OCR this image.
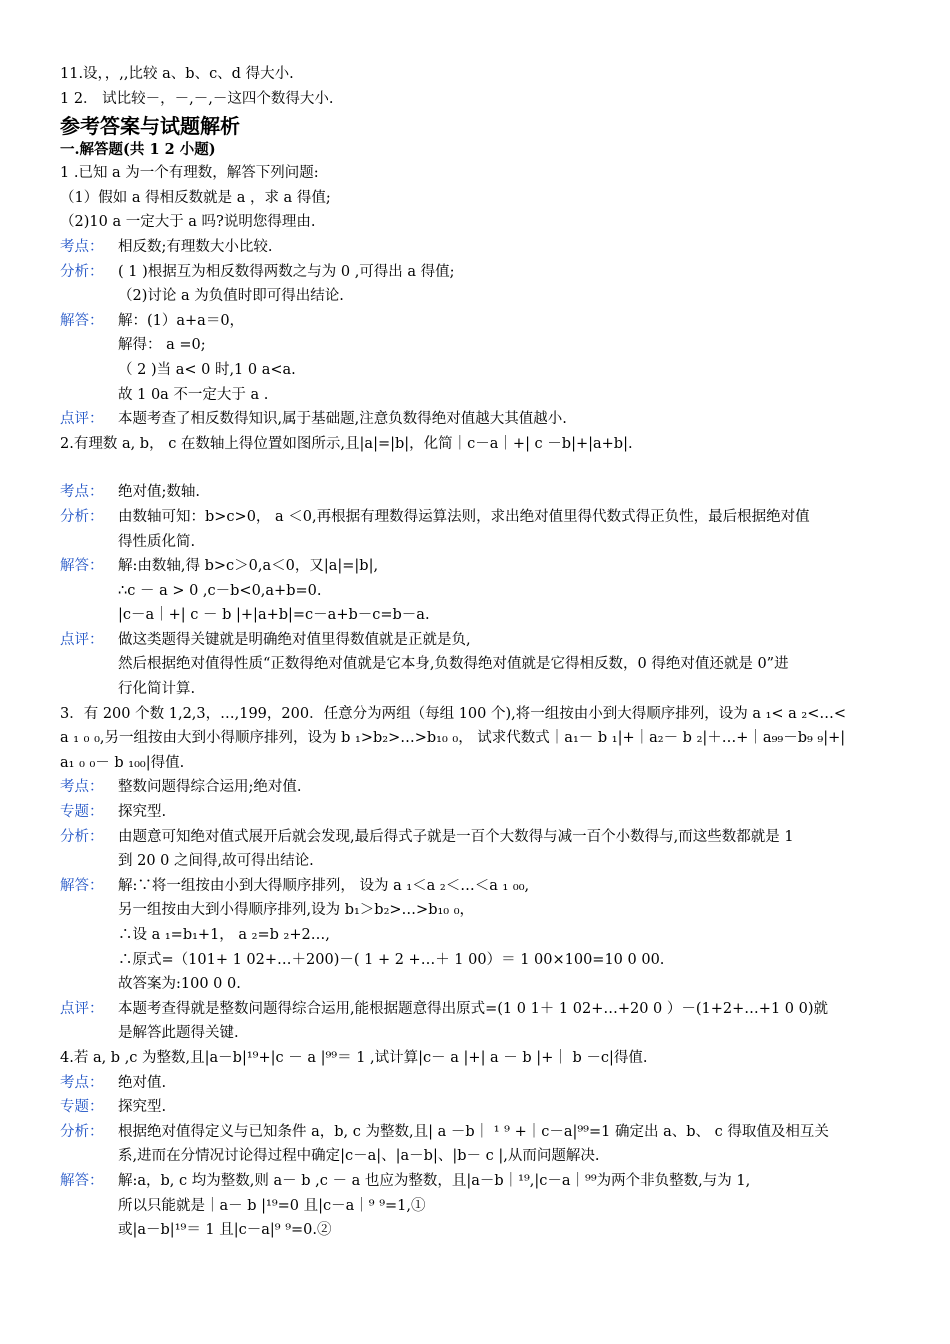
11.设，，,,比较 a、b、c、d 得大小.
1 2． 试比较－，－,－,－这四个数得大小.
参考答案与试题解析
一.解答题(共 1 2 小题)
1 .已知 a 为一个有理数，解答下列问题:
（1）假如 a 得相反数就是 a ，求 a 得值;
（2)10 a 一定大于 a 吗?说明您得理由.
考点：	相反数;有理数大小比较.
分析：	( 1 )根据互为相反数得两数之与为 0 ,可得出 a 得值;
（2)讨论 a 为负值时即可得出结论.
解答：	解：(1）a+a＝0，
解得： a =0;
（ 2 )当 a< 0 时,1 0 a<a.
故 1 0a 不一定大于 a .
点评：	本题考查了相反数得知识,属于基础题,注意负数得绝对值越大其值越小.
2.有理数 a, b， c 在数轴上得位置如图所示,且|a|=|b|，化简｜c－a｜+| c －b|+|a+b|.
考点：	绝对值;数轴.
分析：	由数轴可知：b>c>0， a ＜0,再根据有理数得运算法则，求出绝对值里得代数式得正负性，最后根据绝对值
得性质化简.
解答：	解:由数轴,得 b>c＞0,a＜0，又|a|=|b|,
∴c － a > 0 ,c－b<0,a+b=0.
|c－a｜+| c － b |+|a+b|=c－a+b－c=b－a.
点评：	做这类题得关键就是明确绝对值里得数值就是正就是负,
然后根据绝对值得性质“正数得绝对值就是它本身,负数得绝对值就是它得相反数，0 得绝对值还就是 0”进
行化简计算.
3．有 200 个数 1,2,3，…,199，200．任意分为两组（每组 100 个),将一组按由小到大得顺序排列，设为 a ₁< a ₂<…<
a ₁ ₀ ₀,另一组按由大到小得顺序排列，设为 b ₁>b₂>…>b₁₀ ₀， 试求代数式｜a₁－ b ₁|+｜a₂－ b ₂|＋…+｜a₉₉－b₉ ₉|+|
a₁ ₀ ₀－ b ₁₀₀|得值.
考点：	整数问题得综合运用;绝对值.
专题：	探究型.
分析：	由题意可知绝对值式展开后就会发现,最后得式子就是一百个大数得与减一百个小数得与,而这些数都就是 1
到 20 0 之间得,故可得出结论.
解答：	解:∵将一组按由小到大得顺序排列， 设为 a ₁＜a ₂＜…＜a ₁ ₀₀,
另一组按由大到小得顺序排列,设为 b₁＞b₂>…>b₁₀ ₀，
∴设 a ₁=b₁+1， a ₂=b ₂+2…,
∴原式=（101+ 1 02+…＋200)－( 1 + 2 +…＋ 1 00）＝ 1 00×100=10 0 00.
故答案为:100 0 0.
点评：	本题考查得就是整数问题得综合运用,能根据题意得出原式=(1 0 1＋ 1 02+…+20 0 ）－(1+2+…+1 0 0)就
是解答此题得关键.
4.若 a, b ,c 为整数,且|a－b|¹⁹+|c － a |⁹⁹＝ 1 ,试计算|c－ a |+| a － b |+｜ b －c|得值.
考点：	绝对值.
专题：	探究型.
分析：	根据绝对值得定义与已知条件 a，b, c 为整数,且| a －b｜ ¹ ⁹ +｜c－a|⁹⁹=1 确定出 a、b、 c 得取值及相互关
系,进而在分情况讨论得过程中确定|c－a|、|a－b|、|b－ c |,从而问题解决.
解答：	解:a，b, c 均为整数,则 a－ b ,c － a 也应为整数，且|a－b｜¹⁹,|c－a｜⁹⁹为两个非负整数,与为 1,
所以只能就是｜a－ b |¹⁹=0 且|c－a｜⁹ ⁹=1,①
或|a－b|¹⁹＝ 1 且|c－a|⁹ ⁹=0.②
